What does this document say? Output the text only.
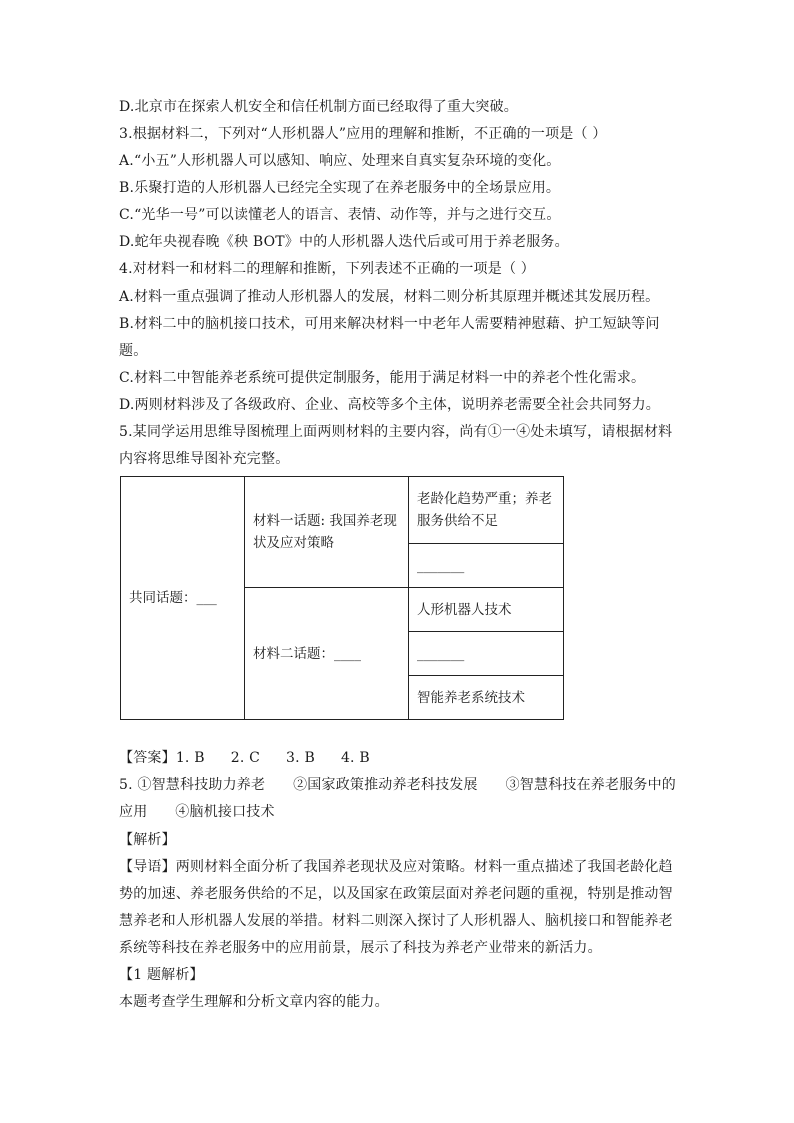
D.北京市在探索人机安全和信任机制方面已经取得了重大突破。
3.根据材料二，下列对“人形机器人”应用的理解和推断，不正确的一项是（ ）
A.“小五”人形机器人可以感知、响应、处理来自真实复杂环境的变化。
B.乐聚打造的人形机器人已经完全实现了在养老服务中的全场景应用。
C.“光华一号”可以读懂老人的语言、表情、动作等，并与之进行交互。
D.蛇年央视春晚《秧 BOT》中的人形机器人迭代后或可用于养老服务。
4.对材料一和材料二的理解和推断，下列表述不正确的一项是（ ）
A.材料一重点强调了推动人形机器人的发展，材料二则分析其原理并概述其发展历程。
B.材料二中的脑机接口技术，可用来解决材料一中老年人需要精神慰藉、护工短缺等问
题。
C.材料二中智能养老系统可提供定制服务，能用于满足材料一中的养老个性化需求。
D.两则材料涉及了各级政府、企业、高校等多个主体，说明养老需要全社会共同努力。
5.某同学运用思维导图梳理上面两则材料的主要内容，尚有①一④处未填写，请根据材料
内容将思维导图补充完整。
共同话题：___	材料一话题: 我国养老现状及应对策略	老龄化趋势严重；养老服务供给不足
		_______
	材料二话题：____	人形机器人技术
		_______
		智能养老系统技术
【答案】1. B 2. C 3. B 4. B
5. ①智慧科技助力养老      ②国家政策推动养老科技发展      ③智慧科技在养老服务中的
应用      ④脑机接口技术
【解析】
【导语】两则材料全面分析了我国养老现状及应对策略。材料一重点描述了我国老龄化趋
势的加速、养老服务供给的不足，以及国家在政策层面对养老问题的重视，特别是推动智
慧养老和人形机器人发展的举措。材料二则深入探讨了人形机器人、脑机接口和智能养老
系统等科技在养老服务中的应用前景，展示了科技为养老产业带来的新活力。
【1 题解析】
本题考查学生理解和分析文章内容的能力。
